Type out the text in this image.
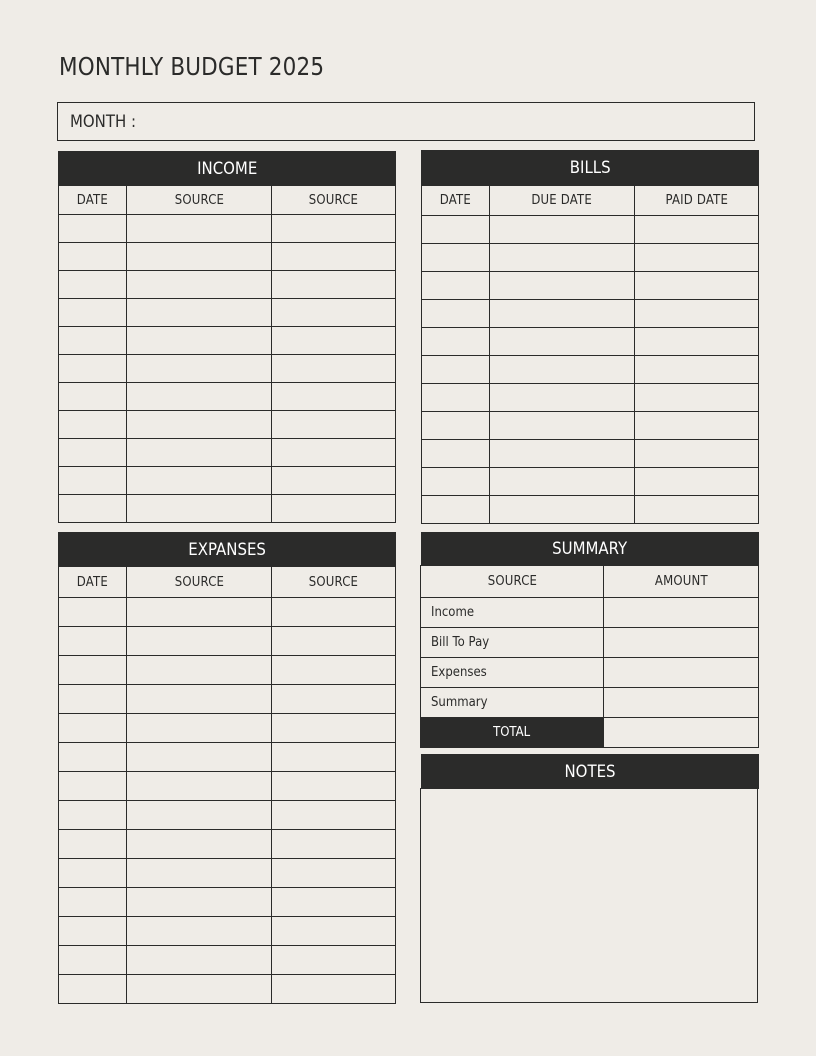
MONTHLY BUDGET 2025
MONTH :
INCOME
DATE	SOURCE	SOURCE

BILLS
DATE	DUE DATE	PAID DATE

EXPANSES
DATE	SOURCE	SOURCE

SUMMARY
SOURCE	AMOUNT
Income	
Bill To Pay	
Expenses	
Summary	
TOTAL	
NOTES
